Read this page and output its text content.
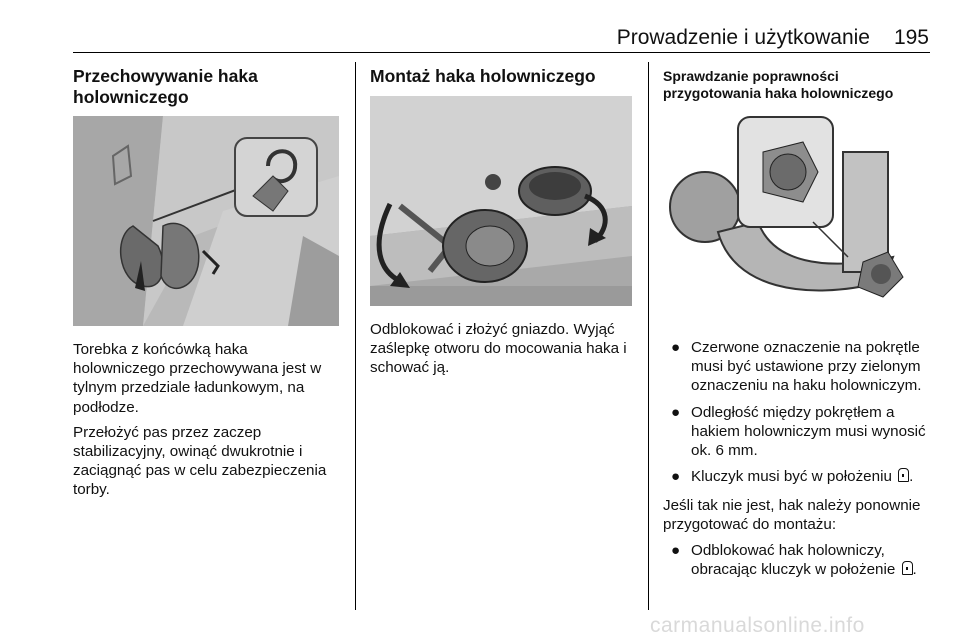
Prowadzenie i użytkowanie	195
Przechowywanie haka holowniczego

Torebka z końcówką haka holowniczego przechowywana jest w tylnym przedziale ładunkowym, na podłodze.

Przełożyć pas przez zaczep stabilizacyjny, owinąć dwukrotnie i zaciągnąć pas w celu zabezpieczenia torby.

Montaż haka holowniczego

Odblokować i złożyć gniazdo. Wyjąć zaślepkę otworu do mocowania haka i schować ją.

Sprawdzanie poprawności przygotowania haka holowniczego
● Czerwone oznaczenie na pokrętle musi być ustawione przy zielonym oznaczeniu na haku holowniczym.
● Odległość między pokrętłem a hakiem holowniczym musi wynosić ok. 6 mm.
● Kluczyk musi być w położeniu .

Jeśli tak nie jest, hak należy ponownie przygotować do montażu:

● Odblokować hak holowniczy, obracając kluczyk w położenie .
carmanualsonline.info
